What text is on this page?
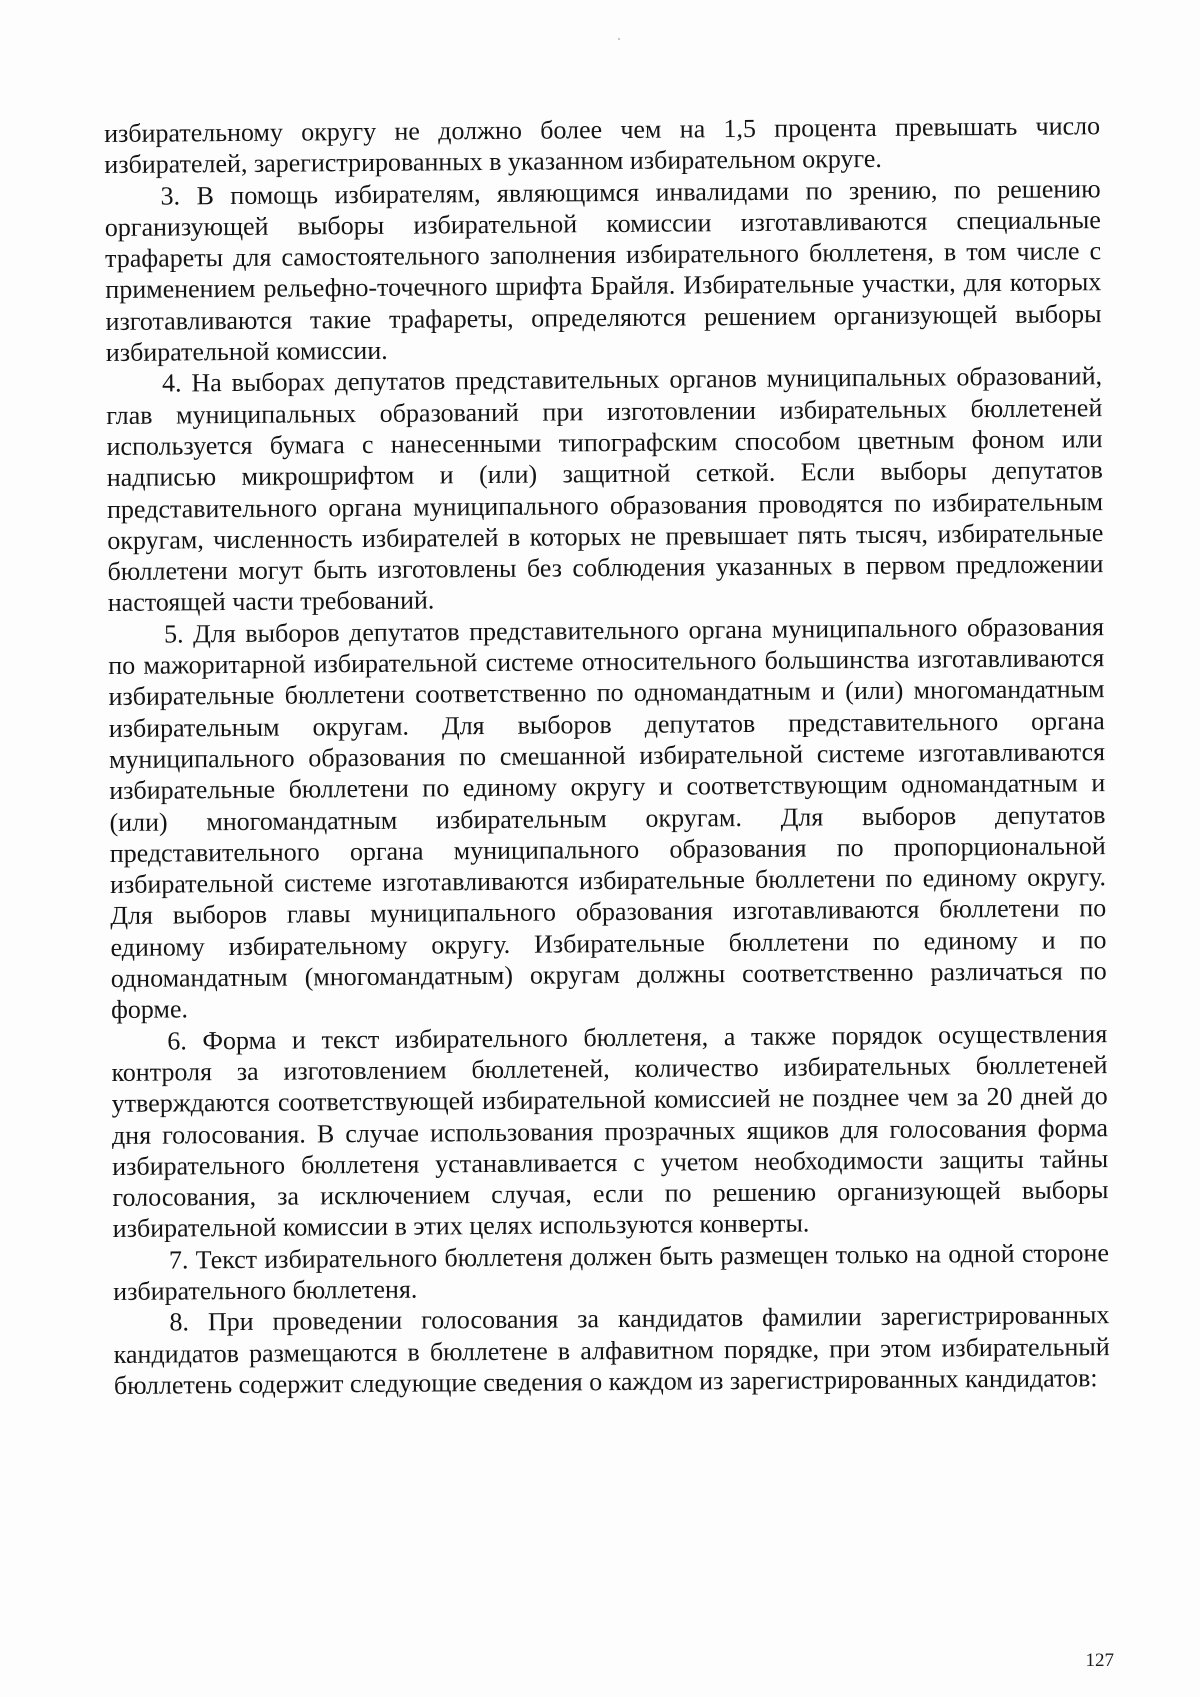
избирательному округу не должно более чем на 1,5 процента превышать число избирателей, зарегистрированных в указанном избирательном округе.

3. В помощь избирателям, являющимся инвалидами по зрению, по решению организующей выборы избирательной комиссии изготавливаются специальные трафареты для самостоятельного заполнения избирательного бюллетеня, в том числе с применением рельефно-точечного шрифта Брайля. Избирательные участки, для которых изготавливаются такие трафареты, определяются решением организующей выборы избирательной комиссии.

4. На выборах депутатов представительных органов муниципальных образований, глав муниципальных образований при изготовлении избирательных бюллетеней используется бумага с нанесенными типографским способом цветным фоном или надписью микрошрифтом и (или) защитной сеткой. Если выборы депутатов представительного органа муниципального образования проводятся по избирательным округам, численность избирателей в которых не превышает пять тысяч, избирательные бюллетени могут быть изготовлены без соблюдения указанных в первом предложении настоящей части требований.

5. Для выборов депутатов представительного органа муниципального образования по мажоритарной избирательной системе относительного большинства изготавливаются избирательные бюллетени соответственно по одномандатным и (или) многомандатным избирательным округам. Для выборов депутатов представительного органа муниципального образования по смешанной избирательной системе изготавливаются избирательные бюллетени по единому округу и соответствующим одномандатным и (или) многомандатным избирательным округам. Для выборов депутатов представительного органа муниципального образования по пропорциональной избирательной системе изготавливаются избирательные бюллетени по единому округу. Для выборов главы муниципального образования изготавливаются бюллетени по единому избирательному округу. Избирательные бюллетени по единому и по одномандатным (многомандатным) округам должны соответственно различаться по форме.

6. Форма и текст избирательного бюллетеня, а также порядок осуществления контроля за изготовлением бюллетеней, количество избирательных бюллетеней утверждаются соответствующей избирательной комиссией не позднее чем за 20 дней до дня голосования. В случае использования прозрачных ящиков для голосования форма избирательного бюллетеня устанавливается с учетом необходимости защиты тайны голосования, за исключением случая, если по решению организующей выборы избирательной комиссии в этих целях используются конверты.

7. Текст избирательного бюллетеня должен быть размещен только на одной стороне избирательного бюллетеня.

8. При проведении голосования за кандидатов фамилии зарегистрированных кандидатов размещаются в бюллетене в алфавитном порядке, при этом избирательный бюллетень содержит следующие сведения о каждом из зарегистрированных кандидатов:

127
